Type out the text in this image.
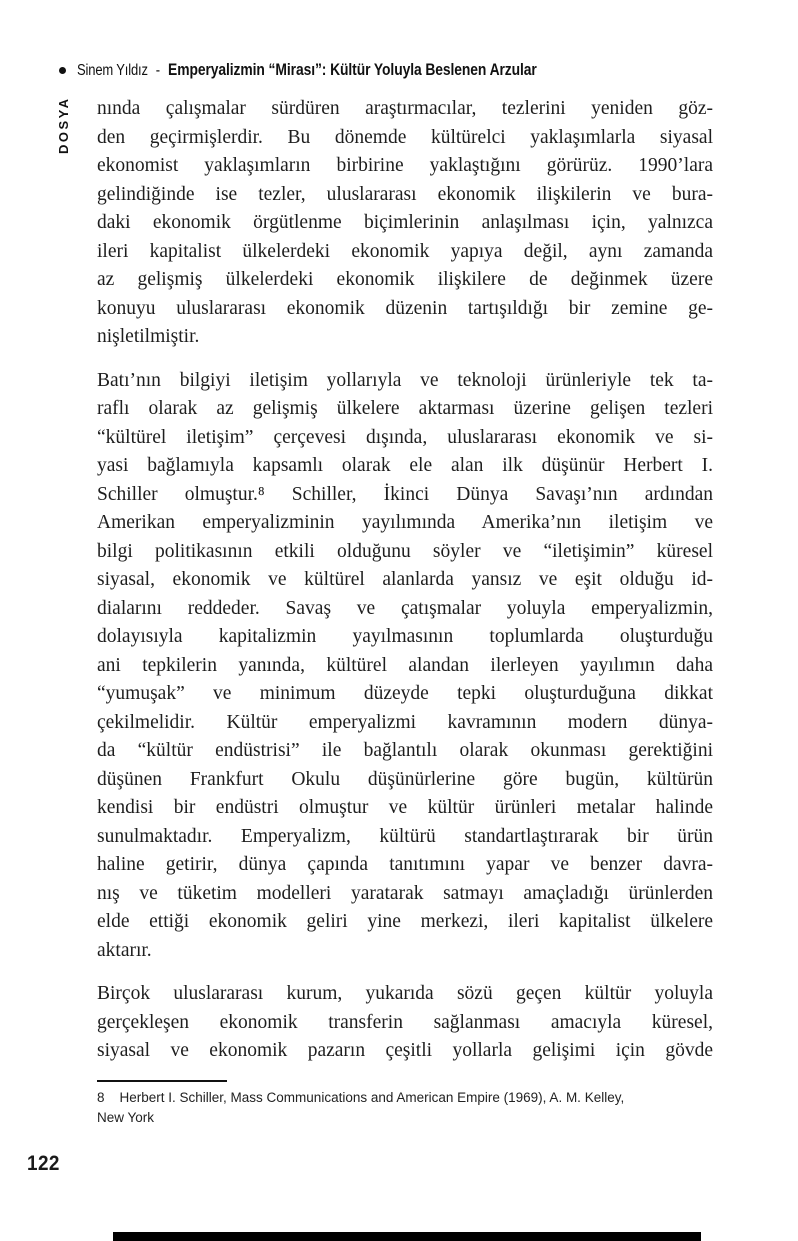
Sinem Yıldız - Emperyalizmin “Mirası”: Kültür Yoluyla Beslenen Arzular
DOSYA nında çalışmalar sürdüren araştırmacılar, tezlerini yeniden göz-
den geçirmişlerdir. Bu dönemde kültürelci yaklaşımlarla siyasal
ekonomist yaklaşımların birbirine yaklaştığını görürüz. 1990’lara
gelindiğinde ise tezler, uluslararası ekonomik ilişkilerin ve bura-
daki ekonomik örgütlenme biçimlerinin anlaşılması için, yalnızca
ileri kapitalist ülkelerdeki ekonomik yapıya değil, aynı zamanda
az gelişmiş ülkelerdeki ekonomik ilişkilere de değinmek üzere
konuyu uluslararası ekonomik düzenin tartışıldığı bir zemine ge-
nişletilmiştir.
Batı’nın bilgiyi iletişim yollarıyla ve teknoloji ürünleriyle tek ta-
raflı olarak az gelişmiş ülkelere aktarması üzerine gelişen tezleri
“kültürel iletişim” çerçevesi dışında, uluslararası ekonomik ve si-
yasi bağlamıyla kapsamlı olarak ele alan ilk düşünür Herbert I.
Schiller olmuştur.⁸ Schiller, İkinci Dünya Savaşı’nın ardından
Amerikan emperyalizminin yayılımında Amerika’nın iletişim ve
bilgi politikasının etkili olduğunu söyler ve “iletişimin” küresel
siyasal, ekonomik ve kültürel alanlarda yansız ve eşit olduğu id-
dialarını reddeder. Savaş ve çatışmalar yoluyla emperyalizmin,
dolayısıyla kapitalizmin yayılmasının toplumlarda oluşturduğu
ani tepkilerin yanında, kültürel alandan ilerleyen yayılımın daha
“yumuşak” ve minimum düzeyde tepki oluşturduğuna dikkat
çekilmelidir. Kültür emperyalizmi kavramının modern dünya-
da “kültür endüstrisi” ile bağlantılı olarak okunması gerektiğini
düşünen Frankfurt Okulu düşünürlerine göre bugün, kültürün
kendisi bir endüstri olmuştur ve kültür ürünleri metalar halinde
sunulmaktadır. Emperyalizm, kültürü standartlaştırarak bir ürün
haline getirir, dünya çapında tanıtımını yapar ve benzer davra-
nış ve tüketim modelleri yaratarak satmayı amaçladığı ürünlerden
elde ettiği ekonomik geliri yine merkezi, ileri kapitalist ülkelere
aktarır.
Birçok uluslararası kurum, yukarıda sözü geçen kültür yoluyla
gerçekleşen ekonomik transferin sağlanması amacıyla küresel,
siyasal ve ekonomik pazarın çeşitli yollarla gelişimi için gövde
8    Herbert I. Schiller, Mass Communications and American Empire (1969), A. M. Kelley,
New York
122
